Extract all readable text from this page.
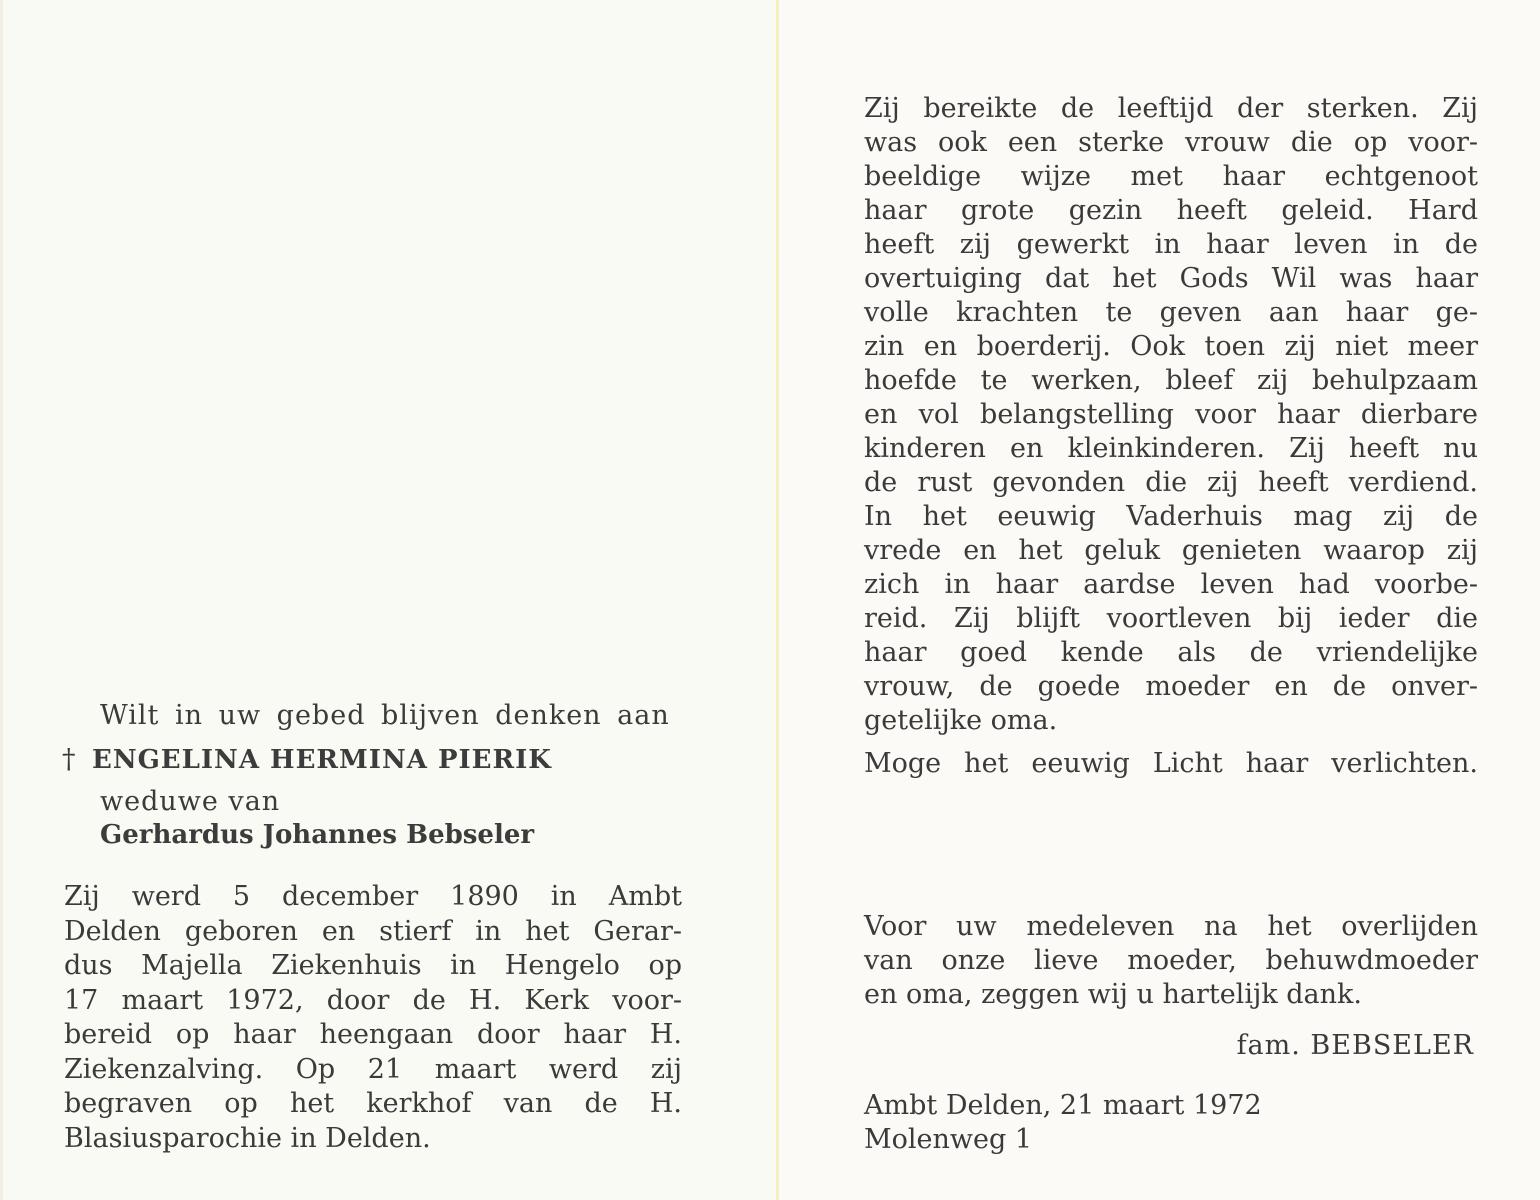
Wilt in uw gebed blijven denken aan
† ENGELINA HERMINA PIERIK
weduwe van
Gerhardus Johannes Bebseler
Zij werd 5 december 1890 in Ambt
Delden geboren en stierf in het Gerar-
dus Majella Ziekenhuis in Hengelo op
17 maart 1972, door de H. Kerk voor-
bereid op haar heengaan door haar H.
Ziekenzalving. Op 21 maart werd zij
begraven op het kerkhof van de H.
Blasiusparochie in Delden.
Zij bereikte de leeftijd der sterken. Zij
was ook een sterke vrouw die op voor-
beeldige wijze met haar echtgenoot
haar grote gezin heeft geleid. Hard
heeft zij gewerkt in haar leven in de
overtuiging dat het Gods Wil was haar
volle krachten te geven aan haar ge-
zin en boerderij. Ook toen zij niet meer
hoefde te werken, bleef zij behulpzaam
en vol belangstelling voor haar dierbare
kinderen en kleinkinderen. Zij heeft nu
de rust gevonden die zij heeft verdiend.
In het eeuwig Vaderhuis mag zij de
vrede en het geluk genieten waarop zij
zich in haar aardse leven had voorbe-
reid. Zij blijft voortleven bij ieder die
haar goed kende als de vriendelijke
vrouw, de goede moeder en de onver-
getelijke oma.
Moge het eeuwig Licht haar verlichten.
Voor uw medeleven na het overlijden
van onze lieve moeder, behuwdmoeder
en oma, zeggen wij u hartelijk dank.
fam. BEBSELER
Ambt Delden, 21 maart 1972
Molenweg 1
